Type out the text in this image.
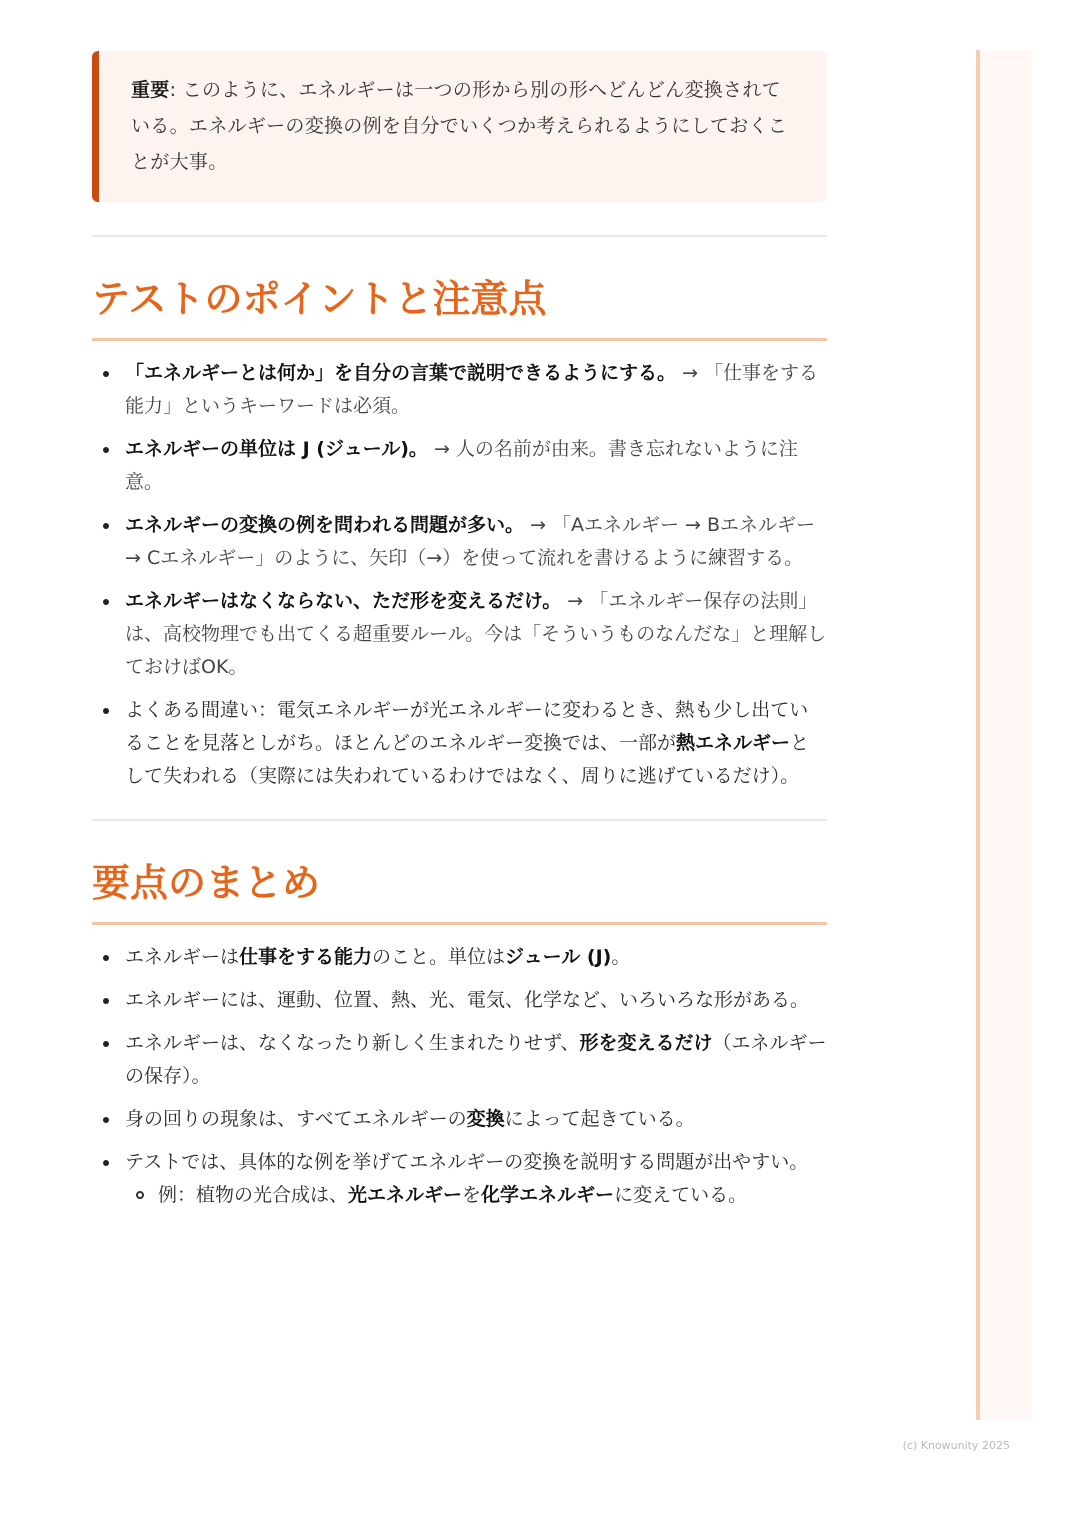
重要: このように、エネルギーは一つの形から別の形へどんどん変換されている。エネルギーの変換の例を自分でいくつか考えられるようにしておくことが大事。
テストのポイントと注意点
「エネルギーとは何か」を自分の言葉で説明できるようにする。 → 「仕事をする能力」というキーワードは必須。
エネルギーの単位は J (ジュール)。 → 人の名前が由来。書き忘れないように注意。
エネルギーの変換の例を問われる問題が多い。 → 「Aエネルギー → Bエネルギー → Cエネルギー」のように、矢印（→）を使って流れを書けるように練習する。
エネルギーはなくならない、ただ形を変えるだけ。 → 「エネルギー保存の法則」は、高校物理でも出てくる超重要ルール。今は「そういうものなんだな」と理解しておけばOK。
よくある間違い：電気エネルギーが光エネルギーに変わるとき、熱も少し出ていることを見落としがち。ほとんどのエネルギー変換では、一部が熱エネルギーとして失われる（実際には失われているわけではなく、周りに逃げているだけ）。
要点のまとめ
エネルギーは仕事をする能力のこと。単位はジュール (J)。
エネルギーには、運動、位置、熱、光、電気、化学など、いろいろな形がある。
エネルギーは、なくなったり新しく生まれたりせず、形を変えるだけ（エネルギーの保存）。
身の回りの現象は、すべてエネルギーの変換によって起きている。
テストでは、具体的な例を挙げてエネルギーの変換を説明する問題が出やすい。
例：植物の光合成は、光エネルギーを化学エネルギーに変えている。
(c) Knowunity 2025
